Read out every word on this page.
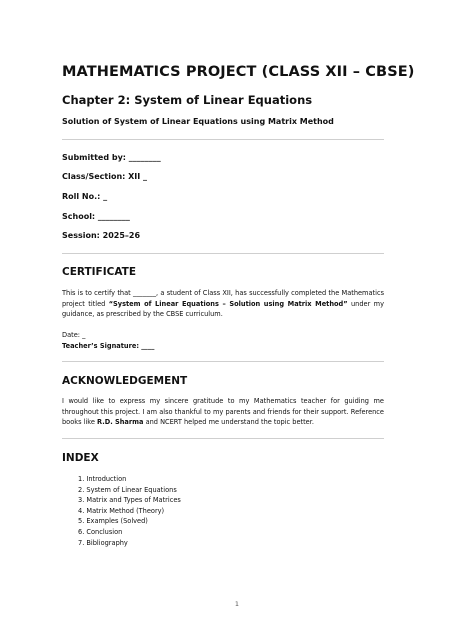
MATHEMATICS PROJECT (CLASS XII – CBSE)

Chapter 2: System of Linear Equations

Solution of System of Linear Equations using Matrix Method

Submitted by: ________

Class/Section: XII _

Roll No.: _

School: ________

Session: 2025–26

CERTIFICATE

This is to certify that _______, a student of Class XII, has successfully completed the Mathematics project titled “System of Linear Equations – Solution using Matrix Method” under my guidance, as prescribed by the CBSE curriculum.

Date: _

Teacher’s Signature: ____

ACKNOWLEDGEMENT

I would like to express my sincere gratitude to my Mathematics teacher for guiding me throughout this project. I am also thankful to my parents and friends for their support. Reference books like R.D. Sharma and NCERT helped me understand the topic better.

INDEX

1. Introduction
2. System of Linear Equations
3. Matrix and Types of Matrices
4. Matrix Method (Theory)
5. Examples (Solved)
6. Conclusion
7. Bibliography
1
